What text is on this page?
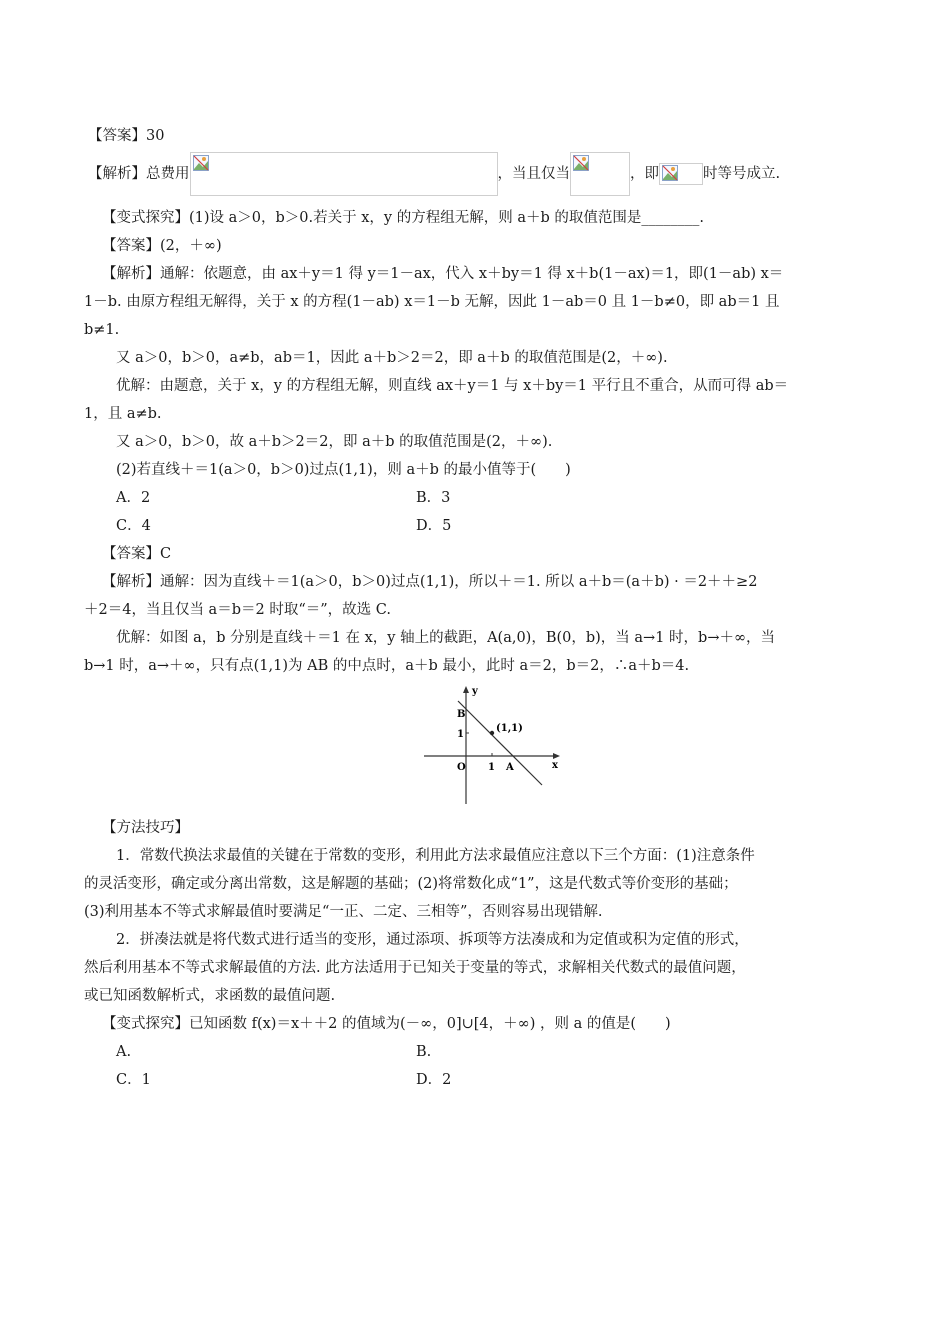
【答案】30
【解析】总费用	，当且仅当	，即	时等号成立.
【变式探究】(1)设 a＞0，b＞0.若关于 x，y 的方程组无解，则 a＋b 的取值范围是________.
【答案】(2，＋∞)
【解析】通解：依题意，由 ax＋y＝1 得 y＝1－ax，代入 x＋by＝1 得 x＋b(1－ax)＝1，即(1－ab) x＝
1－b. 由原方程组无解得，关于 x 的方程(1－ab) x＝1－b 无解，因此 1－ab＝0 且 1－b≠0，即 ab＝1 且
b≠1.
又 a＞0，b＞0，a≠b，ab＝1，因此 a＋b＞2＝2，即 a＋b 的取值范围是(2，＋∞).
优解：由题意，关于 x，y 的方程组无解，则直线 ax＋y＝1 与 x＋by＝1 平行且不重合，从而可得 ab＝
1，且 a≠b.
又 a＞0，b＞0，故 a＋b＞2＝2，即 a＋b 的取值范围是(2，＋∞).
(2)若直线＋＝1(a＞0，b＞0)过点(1,1)，则 a＋b 的最小值等于(　　)
A．2	B．3
C．4	D．5
【答案】C
【解析】通解：因为直线＋＝1(a＞0，b＞0)过点(1,1)，所以＋＝1. 所以 a＋b＝(a＋b) · ＝2＋＋≥2
＋2＝4，当且仅当 a＝b＝2 时取“＝”，故选 C.
优解：如图 a，b 分别是直线＋＝1 在 x，y 轴上的截距，A(a,0)，B(0，b)，当 a→1 时，b→＋∞，当
b→1 时，a→＋∞，只有点(1,1)为 AB 的中点时，a＋b 最小，此时 a＝2，b＝2，∴a＋b＝4.
y
x
B
1
(1,1)
O 1 A
【方法技巧】
1．常数代换法求最值的关键在于常数的变形，利用此方法求最值应注意以下三个方面：(1)注意条件
的灵活变形，确定或分离出常数，这是解题的基础；(2)将常数化成“1”，这是代数式等价变形的基础；
(3)利用基本不等式求解最值时要满足“一正、二定、三相等”，否则容易出现错解.
2．拼凑法就是将代数式进行适当的变形，通过添项、拆项等方法凑成和为定值或积为定值的形式，
然后利用基本不等式求解最值的方法. 此方法适用于已知关于变量的等式，求解相关代数式的最值问题，
或已知函数解析式，求函数的最值问题.
【变式探究】已知函数 f(x)＝x＋＋2 的值域为(－∞，0]∪[4，＋∞) ，则 a 的值是(　　)
A.	B.
C．1	D．2
